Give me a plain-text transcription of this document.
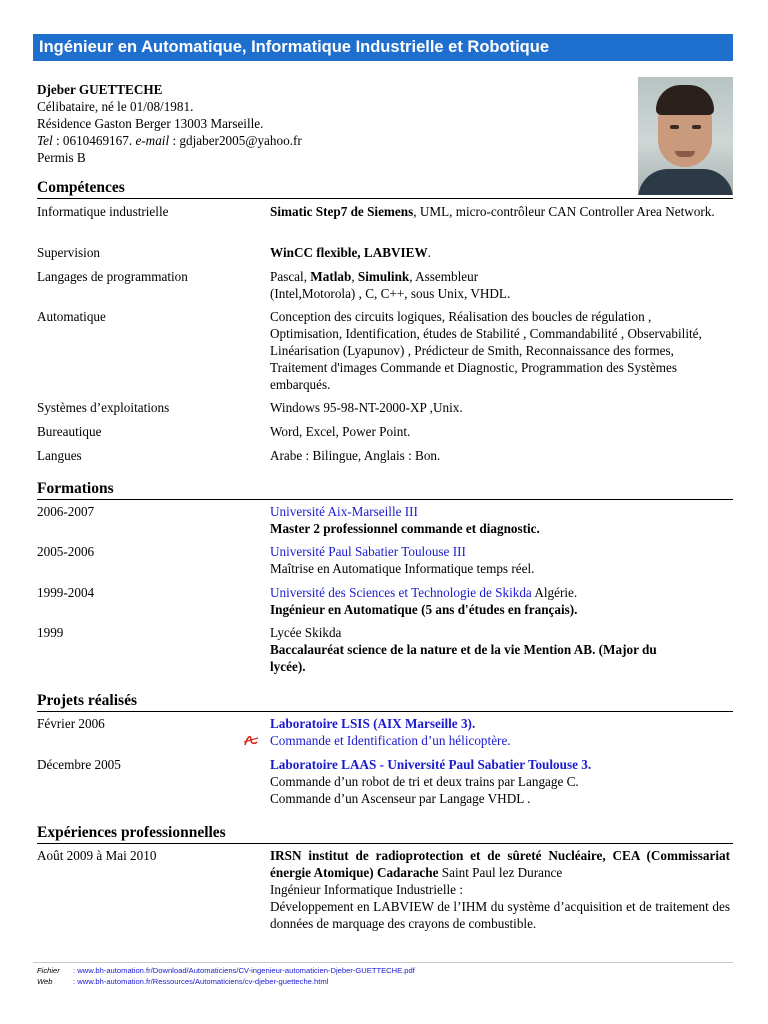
Ingénieur en Automatique, Informatique Industrielle et Robotique
Djeber GUETTECHE
Célibataire, né le 01/08/1981.
Résidence Gaston Berger 13003 Marseille.
Tel : 0610469167. e-mail : gdjaber2005@yahoo.fr
Permis B
Compétences
Informatique industrielle	Simatic Step7 de Siemens, UML, micro-contrôleur CAN Controller Area Network.
Supervision	WinCC flexible, LABVIEW.
Langages de programmation	Pascal, Matlab, Simulink, Assembleur (Intel,Motorola) , C, C++, sous Unix, VHDL.
Automatique	Conception des circuits logiques, Réalisation des boucles de régulation , Optimisation, Identification, études de Stabilité , Commandabilité , Observabilité, Linéarisation (Lyapunov) , Prédicteur de Smith, Reconnaissance des formes, Traitement d'images Commande et Diagnostic, Programmation des Systèmes embarqués.
Systèmes d’exploitations	Windows 95-98-NT-2000-XP ,Unix.
Bureautique	Word, Excel, Power Point.
Langues	Arabe : Bilingue, Anglais : Bon.
Formations
2006-2007	Université Aix-Marseille III
Master 2 professionnel commande et diagnostic.
2005-2006	Université Paul Sabatier Toulouse III
Maîtrise en Automatique Informatique temps réel.
1999-2004	Université des Sciences et Technologie de Skikda Algérie.
Ingénieur en Automatique (5 ans d'études en français).
1999	Lycée Skikda
Baccalauréat science de la nature et de la vie Mention AB. (Major du lycée).
Projets réalisés
Février 2006	Laboratoire LSIS (AIX Marseille 3).
Commande et Identification d’un hélicoptère.
Décembre 2005	Laboratoire LAAS - Université Paul Sabatier Toulouse 3.
Commande d’un robot de tri et deux trains par Langage C.
Commande d’un Ascenseur par Langage VHDL .
Expériences professionnelles
Août 2009 à Mai 2010	IRSN institut de radioprotection et de sûreté Nucléaire, CEA (Commissariat énergie Atomique) Cadarache Saint Paul lez Durance
Ingénieur Informatique Industrielle :
Développement en LABVIEW de l’IHM du système d’acquisition et de traitement des données de marquage des crayons de combustible.
Fichier : www.bh-automation.fr/Download/Automaticiens/CV-ingenieur-automaticien-Djeber-GUETTECHE.pdf
Web	: www.bh-automation.fr/Ressources/Automaticiens/cv-djeber-guetteche.html
